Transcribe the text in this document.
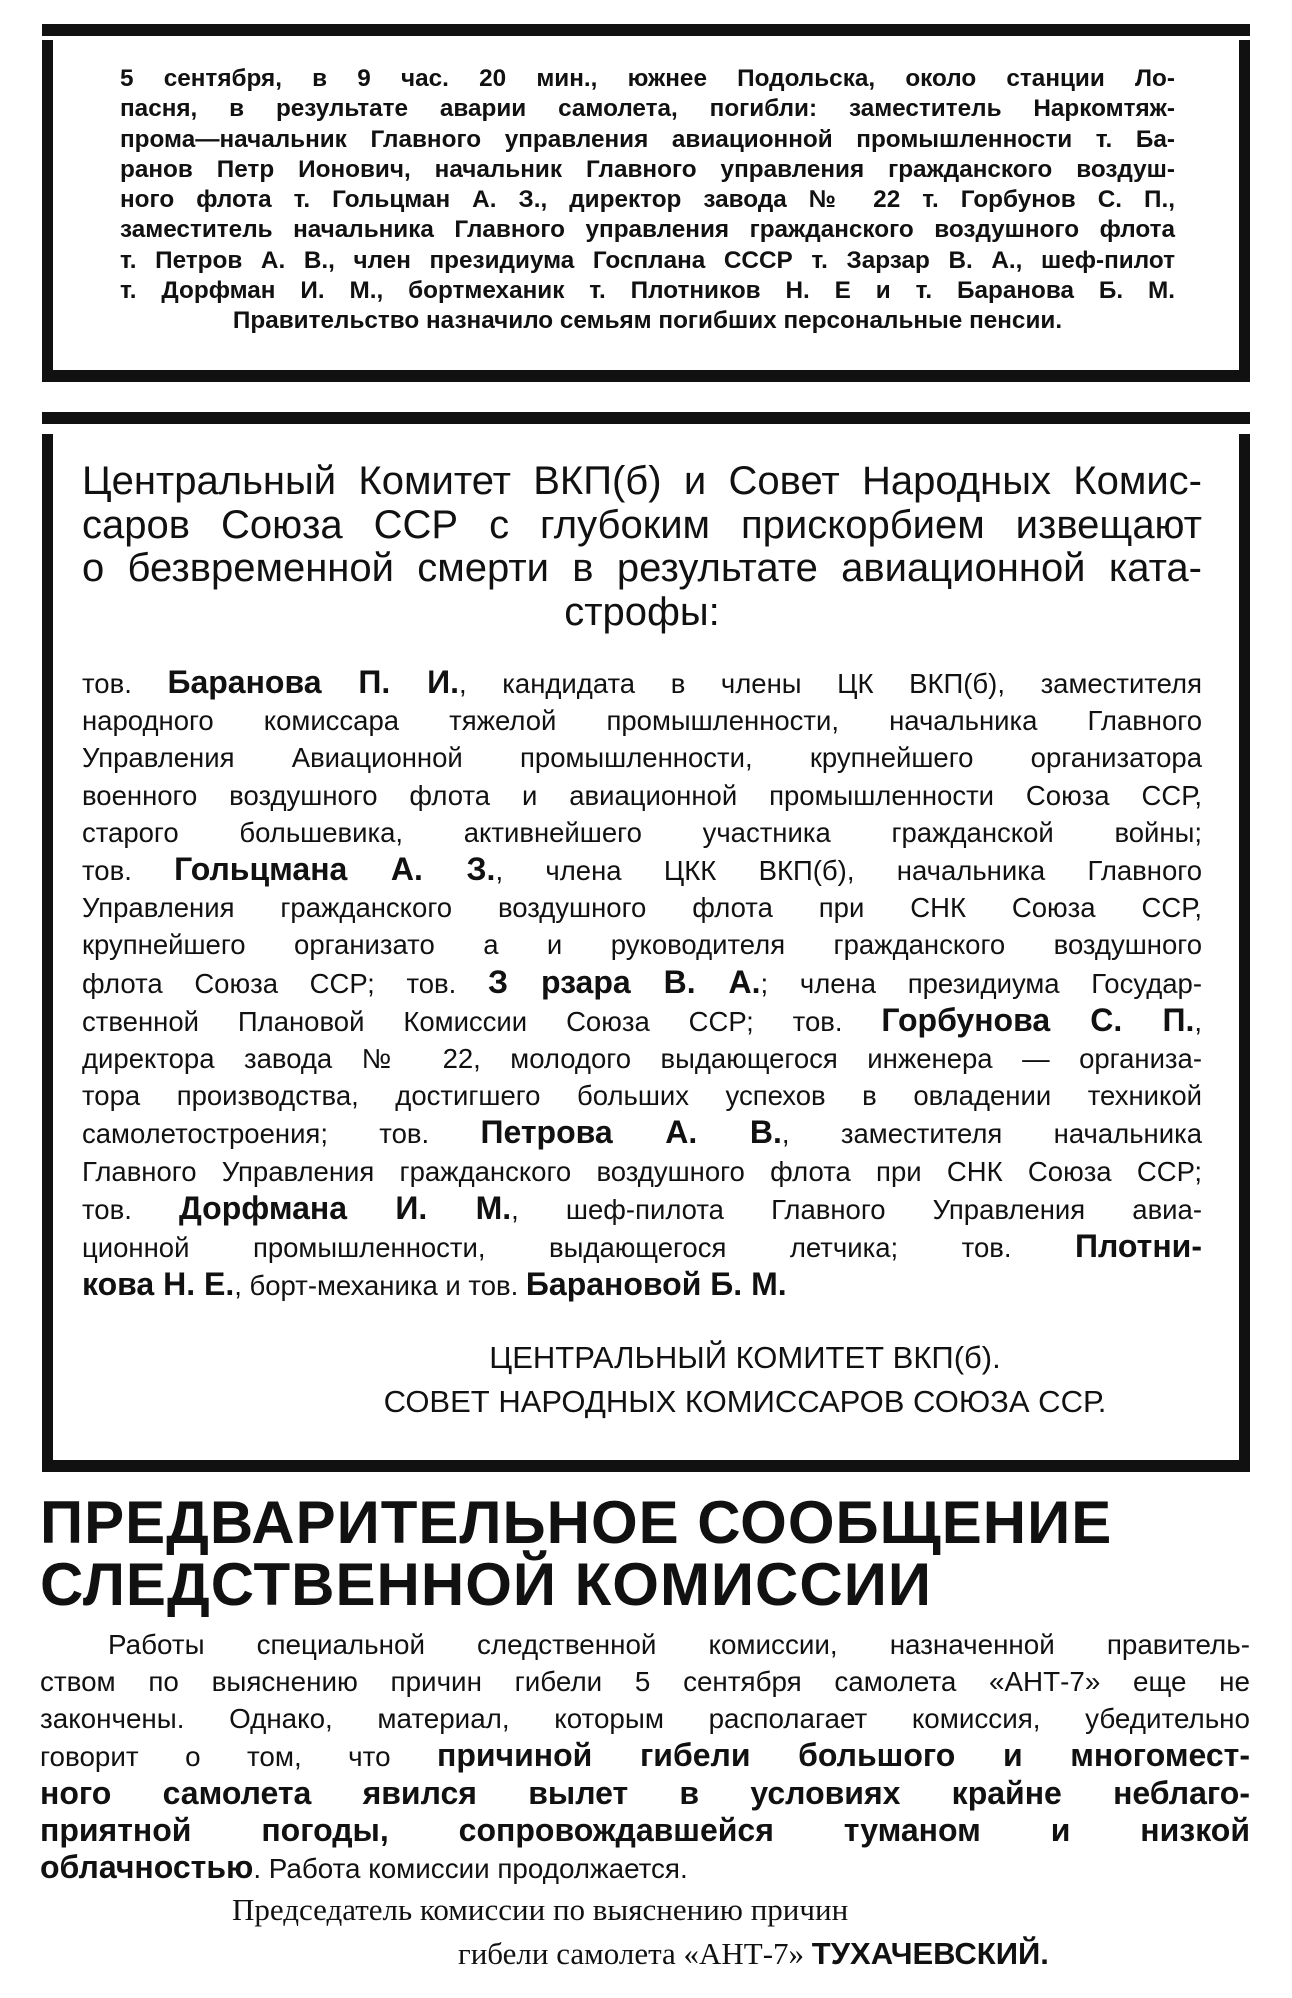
5 сентября, в 9 час. 20 мин., южнее Подольска, около станции Ло-
пасня, в результате аварии самолета, погибли: заместитель Наркомтяж-
прома—начальник Главного управления авиационной промышленности т. Ба-
ранов Петр Ионович, начальник Главного управления гражданского воздуш-
ного флота т. Гольцман А. З., директор завода № 22 т. Горбунов С. П.,
заместитель начальника Главного управления гражданского воздушного флота
т. Петров А. В., член президиума Госплана СССР т. Зарзар В. А., шеф-пилот
т. Дорфман И. М., бортмеханик т. Плотников Н. Е и т. Баранова Б. М.
Правительство назначило семьям погибших персональные пенсии.
Центральный Комитет ВКП(б) и Совет Народных Комис-
саров Союза ССР с глубоким прискорбием извещают
о безвременной смерти в результате авиационной ката-
строфы:
тов. Баранова П. И., кандидата в члены ЦК ВКП(б), заместителя
народного комиссара тяжелой промышленности, начальника Главного
Управления Авиационной промышленности, крупнейшего организатора
военного воздушного флота и авиационной промышленности Союза ССР,
старого большевика, активнейшего участника гражданской войны;
тов. Гольцмана А. З., члена ЦКК ВКП(б), начальника Главного
Управления гражданского воздушного флота при СНК Союза ССР,
крупнейшего организато а и руководителя гражданского воздушного
флота Союза ССР; тов. З рзара В. А.; члена президиума Государ-
ственной Плановой Комиссии Союза ССР; тов. Горбунова С. П.,
директора завода № 22, молодого выдающегося инженера — организа-
тора производства, достигшего больших успехов в овладении техникой
самолетостроения; тов. Петрова А. В., заместителя начальника
Главного Управления гражданского воздушного флота при СНК Союза ССР;
тов. Дорфмана И. М., шеф-пилота Главного Управления авиа-
ционной промышленности, выдающегося летчика; тов. Плотни-
кова Н. Е., борт-механика и тов. Барановой Б. М.
ЦЕНТРАЛЬНЫЙ КОМИТЕТ ВКП(б).
СОВЕТ НАРОДНЫХ КОМИССАРОВ СОЮЗА ССР.
ПРЕДВАРИТЕЛЬНОЕ СООБЩЕНИЕ
СЛЕДСТВЕННОЙ КОМИССИИ
Работы специальной следственной комиссии, назначенной правитель-
ством по выяснению причин гибели 5 сентября самолета «АНТ-7» еще не
закончены. Однако, материал, которым располагает комиссия, убедительно
говорит о том, что причиной гибели большого и многомест-
ного самолета явился вылет в условиях крайне неблаго-
приятной погоды, сопровождавшейся туманом и низкой
облачностью. Работа комиссии продолжается.
Председатель комиссии по выяснению причин
гибели самолета «АНТ-7» ТУХАЧЕВСКИЙ.
